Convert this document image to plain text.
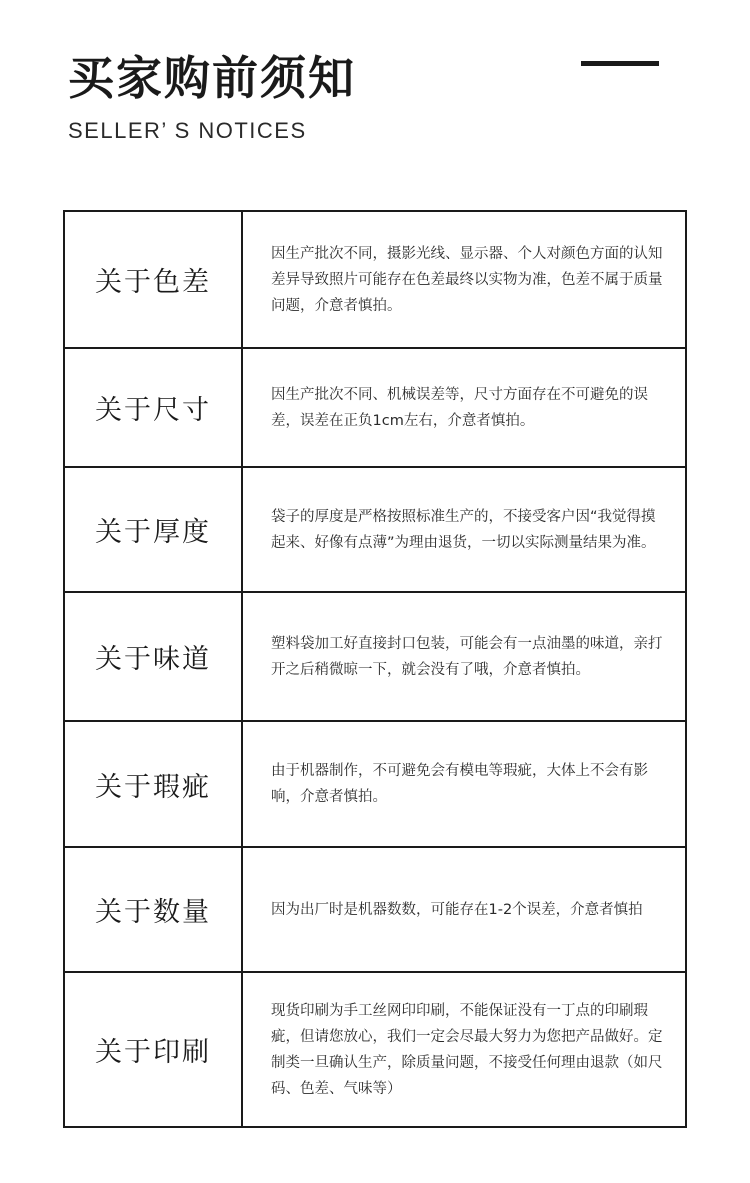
买家购前须知
SELLER’ S NOTICES
关于色差	因生产批次不同，摄影光线、显示器、个人对颜色方面的认知差异导致照片可能存在色差最终以实物为准，色差不属于质量问题，介意者慎拍。
关于尺寸	因生产批次不同、机械误差等，尺寸方面存在不可避免的误差，误差在正负1cm左右，介意者慎拍。
关于厚度	袋子的厚度是严格按照标准生产的，不接受客户因“我觉得摸起来、好像有点薄”为理由退货，一切以实际测量结果为准。
关于味道	塑料袋加工好直接封口包装，可能会有一点油墨的味道，亲打开之后稍微晾一下，就会没有了哦，介意者慎拍。
关于瑕疵	由于机器制作，不可避免会有模电等瑕疵，大体上不会有影响，介意者慎拍。
关于数量	因为出厂时是机器数数，可能存在1-2个误差，介意者慎拍
关于印刷	现货印刷为手工丝网印印刷，不能保证没有一丁点的印刷瑕疵，但请您放心，我们一定会尽最大努力为您把产品做好。定制类一旦确认生产，除质量问题，不接受任何理由退款（如尺码、色差、气味等）
